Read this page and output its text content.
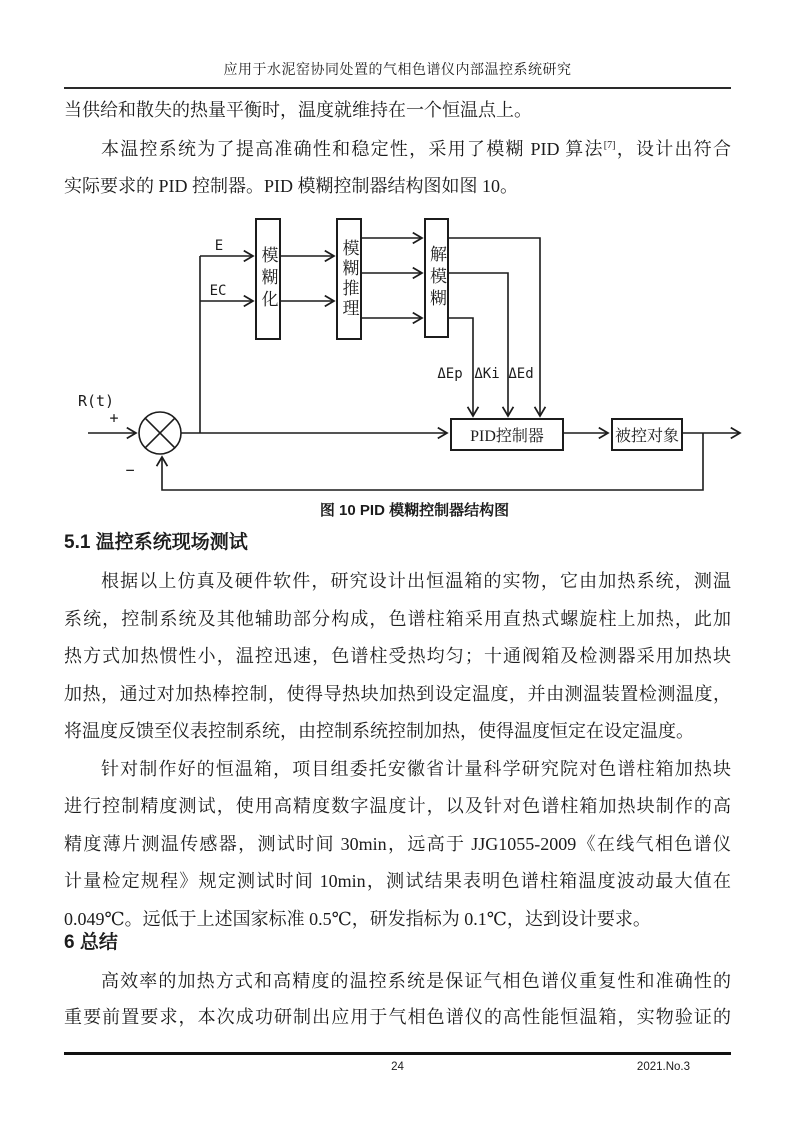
应用于水泥窑协同处置的气相色谱仪内部温控系统研究
当供给和散失的热量平衡时，温度就维持在一个恒温点上。
本温控系统为了提高准确性和稳定性，采用了模糊 PID 算法[7]，设计出符合
实际要求的 PID 控制器。PID 模糊控制器结构图如图 10。
模糊化	模糊推理	解模糊
PID控制器	被控对象
R(t)
+
−
E
EC
ΔEp ΔKi ΔEd
图 10 PID 模糊控制器结构图
5.1 温控系统现场测试
根据以上仿真及硬件软件，研究设计出恒温箱的实物，它由加热系统，测温
系统，控制系统及其他辅助部分构成，色谱柱箱采用直热式螺旋柱上加热，此加
热方式加热惯性小，温控迅速，色谱柱受热均匀；十通阀箱及检测器采用加热块
加热，通过对加热棒控制，使得导热块加热到设定温度，并由测温装置检测温度，
将温度反馈至仪表控制系统，由控制系统控制加热，使得温度恒定在设定温度。
针对制作好的恒温箱，项目组委托安徽省计量科学研究院对色谱柱箱加热块
进行控制精度测试，使用高精度数字温度计，以及针对色谱柱箱加热块制作的高
精度薄片测温传感器，测试时间 30min，远高于 JJG1055-2009《在线气相色谱仪
计量检定规程》规定测试时间 10min，测试结果表明色谱柱箱温度波动最大值在
0.049℃。远低于上述国家标准 0.5℃，研发指标为 0.1℃，达到设计要求。
6 总结
高效率的加热方式和高精度的温控系统是保证气相色谱仪重复性和准确性的
重要前置要求，本次成功研制出应用于气相色谱仪的高性能恒温箱，实物验证的
24	2021.No.3
